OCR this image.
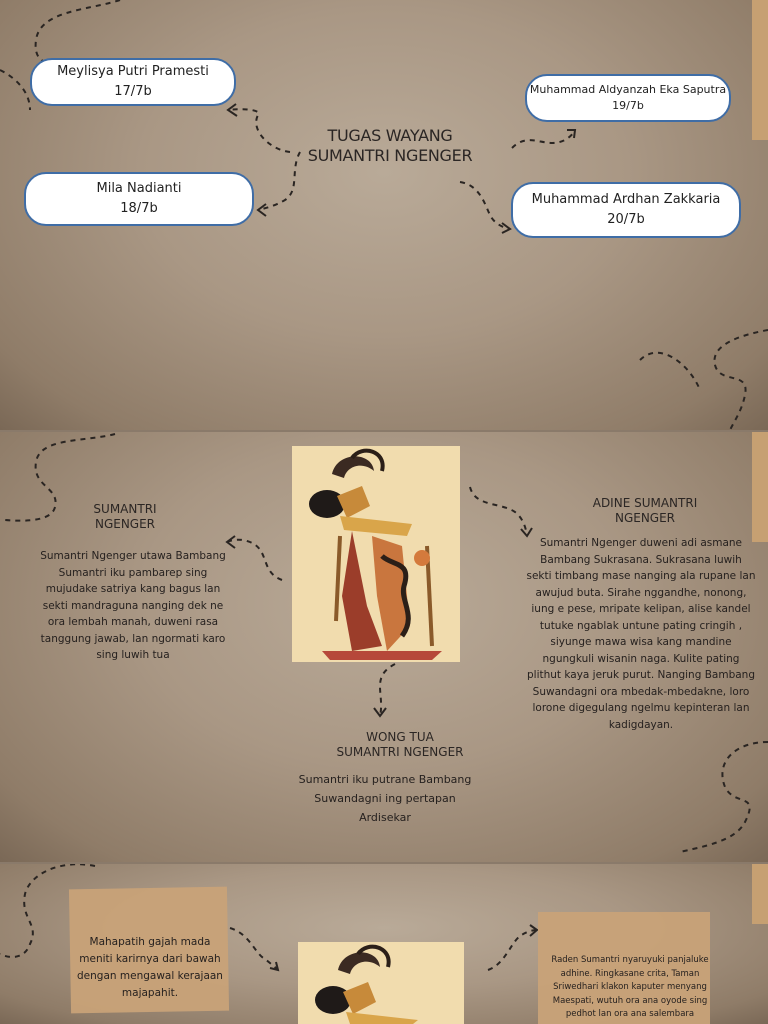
TUGAS WAYANG
SUMANTRI NGENGER
Meylisya Putri Pramesti
17/7b
Mila Nadianti
18/7b
Muhammad Aldyanzah Eka Saputra
19/7b
Muhammad Ardhan Zakkaria
20/7b
SUMANTRI
NGENGER
Sumantri Ngenger utawa Bambang Sumantri iku pambarep sing mujudake satriya kang bagus lan sekti mandraguna nanging dek ne ora lembah manah, duweni rasa tanggung jawab, lan ngormati karo sing luwih tua
ADINE SUMANTRI
NGENGER
Sumantri Ngenger duweni adi asmane Bambang Sukrasana. Sukrasana luwih sekti timbang mase nanging ala rupane lan awujud buta. Sirahe nggandhe, nonong, iung e pese, mripate kelipan, alise kandel tutuke ngablak untune pating cringih , siyunge mawa wisa kang mandine ngungkuli wisanin naga. Kulite pating plithut kaya jeruk purut. Nanging Bambang Suwandagni ora mbedak-mbedakne, loro lorone digegulang ngelmu kepinteran lan kadigdayan.
WONG TUA
SUMANTRI NGENGER
Sumantri iku putrane Bambang Suwandagni ing pertapan Ardisekar
Mahapatih gajah mada meniti karirnya dari bawah dengan mengawal kerajaan majapahit.
Raden Sumantri nyaruyuki panjaluke adhine. Ringkasane crita, Taman Sriwedhari klakon kaputer menyang Maespati, wutuh ora ana oyode sing pedhot lan ora ana salembara
